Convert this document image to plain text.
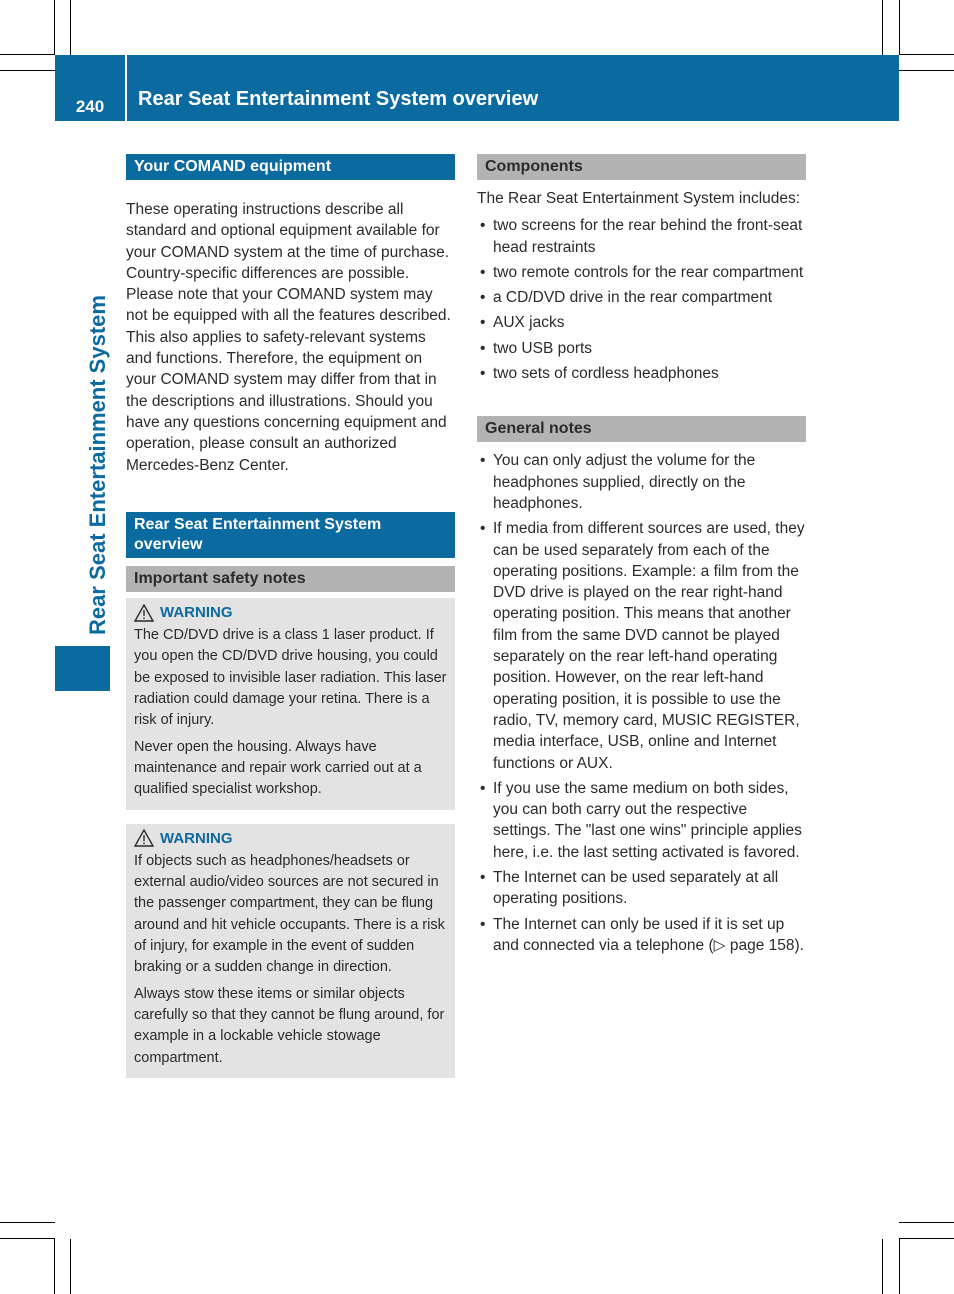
240	Rear Seat Entertainment System overview
Rear Seat Entertainment System
Your COMAND equipment

These operating instructions describe all standard and optional equipment available for your COMAND system at the time of purchase. Country-specific differences are possible. Please note that your COMAND system may not be equipped with all the features described. This also applies to safety-relevant systems and functions. Therefore, the equipment on your COMAND system may differ from that in the descriptions and illustrations. Should you have any questions concerning equipment and operation, please consult an authorized Mercedes-Benz Center.

Rear Seat Entertainment System overview
Important safety notes
WARNING

The CD/DVD drive is a class 1 laser product. If you open the CD/DVD drive housing, you could be exposed to invisible laser radiation. This laser radiation could damage your retina. There is a risk of injury.

Never open the housing. Always have maintenance and repair work carried out at a qualified specialist workshop.

WARNING

If objects such as headphones/headsets or external audio/video sources are not secured in the passenger compartment, they can be flung around and hit vehicle occupants. There is a risk of injury, for example in the event of sudden braking or a sudden change in direction.

Always stow these items or similar objects carefully so that they cannot be flung around, for example in a lockable vehicle stowage compartment.

Components

The Rear Seat Entertainment System includes:

• two screens for the rear behind the front-seat head restraints
• two remote controls for the rear compartment
• a CD/DVD drive in the rear compartment
• AUX jacks
• two USB ports
• two sets of cordless headphones
General notes
• You can only adjust the volume for the headphones supplied, directly on the headphones.
• If media from different sources are used, they can be used separately from each of the operating positions. Example: a film from the DVD drive is played on the rear right-hand operating position. This means that another film from the same DVD cannot be played separately on the rear left-hand operating position. However, on the rear left-hand operating position, it is possible to use the radio, TV, memory card, MUSIC REGISTER, media interface, USB, online and Internet functions or AUX.
• If you use the same medium on both sides, you can both carry out the respective settings. The "last one wins" principle applies here, i.e. the last setting activated is favored.
• The Internet can be used separately at all operating positions.
• The Internet can only be used if it is set up and connected via a telephone (▷ page 158).
